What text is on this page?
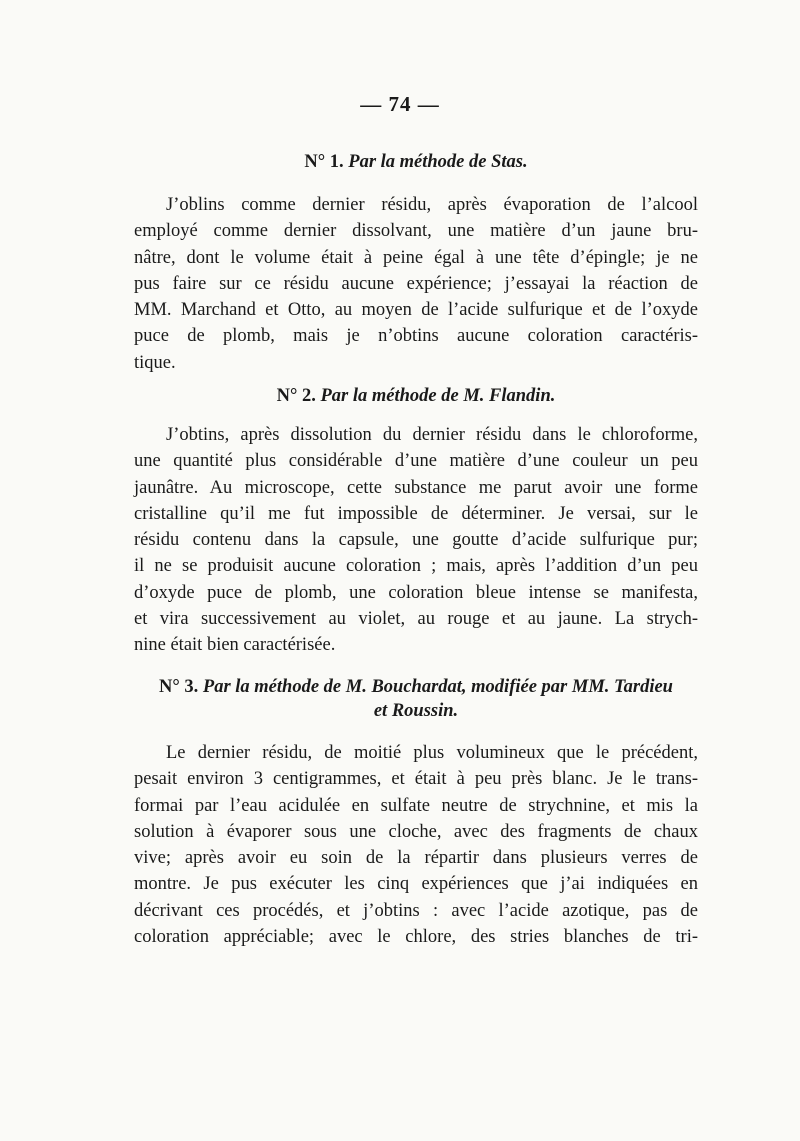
— 74 —
N° 1. Par la méthode de Stas.
J’oblins comme dernier résidu, après évaporation de l’alcool
employé comme dernier dissolvant, une matière d’un jaune bru-
nâtre, dont le volume était à peine égal à une tête d’épingle; je ne
pus faire sur ce résidu aucune expérience; j’essayai la réaction de
MM. Marchand et Otto, au moyen de l’acide sulfurique et de l’oxyde
puce de plomb, mais je n’obtins aucune coloration caractéris-
tique.
N° 2. Par la méthode de M. Flandin.
J’obtins, après dissolution du dernier résidu dans le chloroforme,
une quantité plus considérable d’une matière d’une couleur un peu
jaunâtre. Au microscope, cette substance me parut avoir une forme
cristalline qu’il me fut impossible de déterminer. Je versai, sur le
résidu contenu dans la capsule, une goutte d’acide sulfurique pur;
il ne se produisit aucune coloration ; mais, après l’addition d’un peu
d’oxyde puce de plomb, une coloration bleue intense se manifesta,
et vira successivement au violet, au rouge et au jaune. La strych-
nine était bien caractérisée.
N° 3. Par la méthode de M. Bouchardat, modifiée par MM. Tardieu
et Roussin.
Le dernier résidu, de moitié plus volumineux que le précédent,
pesait environ 3 centigrammes, et était à peu près blanc. Je le trans-
formai par l’eau acidulée en sulfate neutre de strychnine, et mis la
solution à évaporer sous une cloche, avec des fragments de chaux
vive; après avoir eu soin de la répartir dans plusieurs verres de
montre. Je pus exécuter les cinq expériences que j’ai indiquées en
décrivant ces procédés, et j’obtins : avec l’acide azotique, pas de
coloration appréciable; avec le chlore, des stries blanches de tri-
